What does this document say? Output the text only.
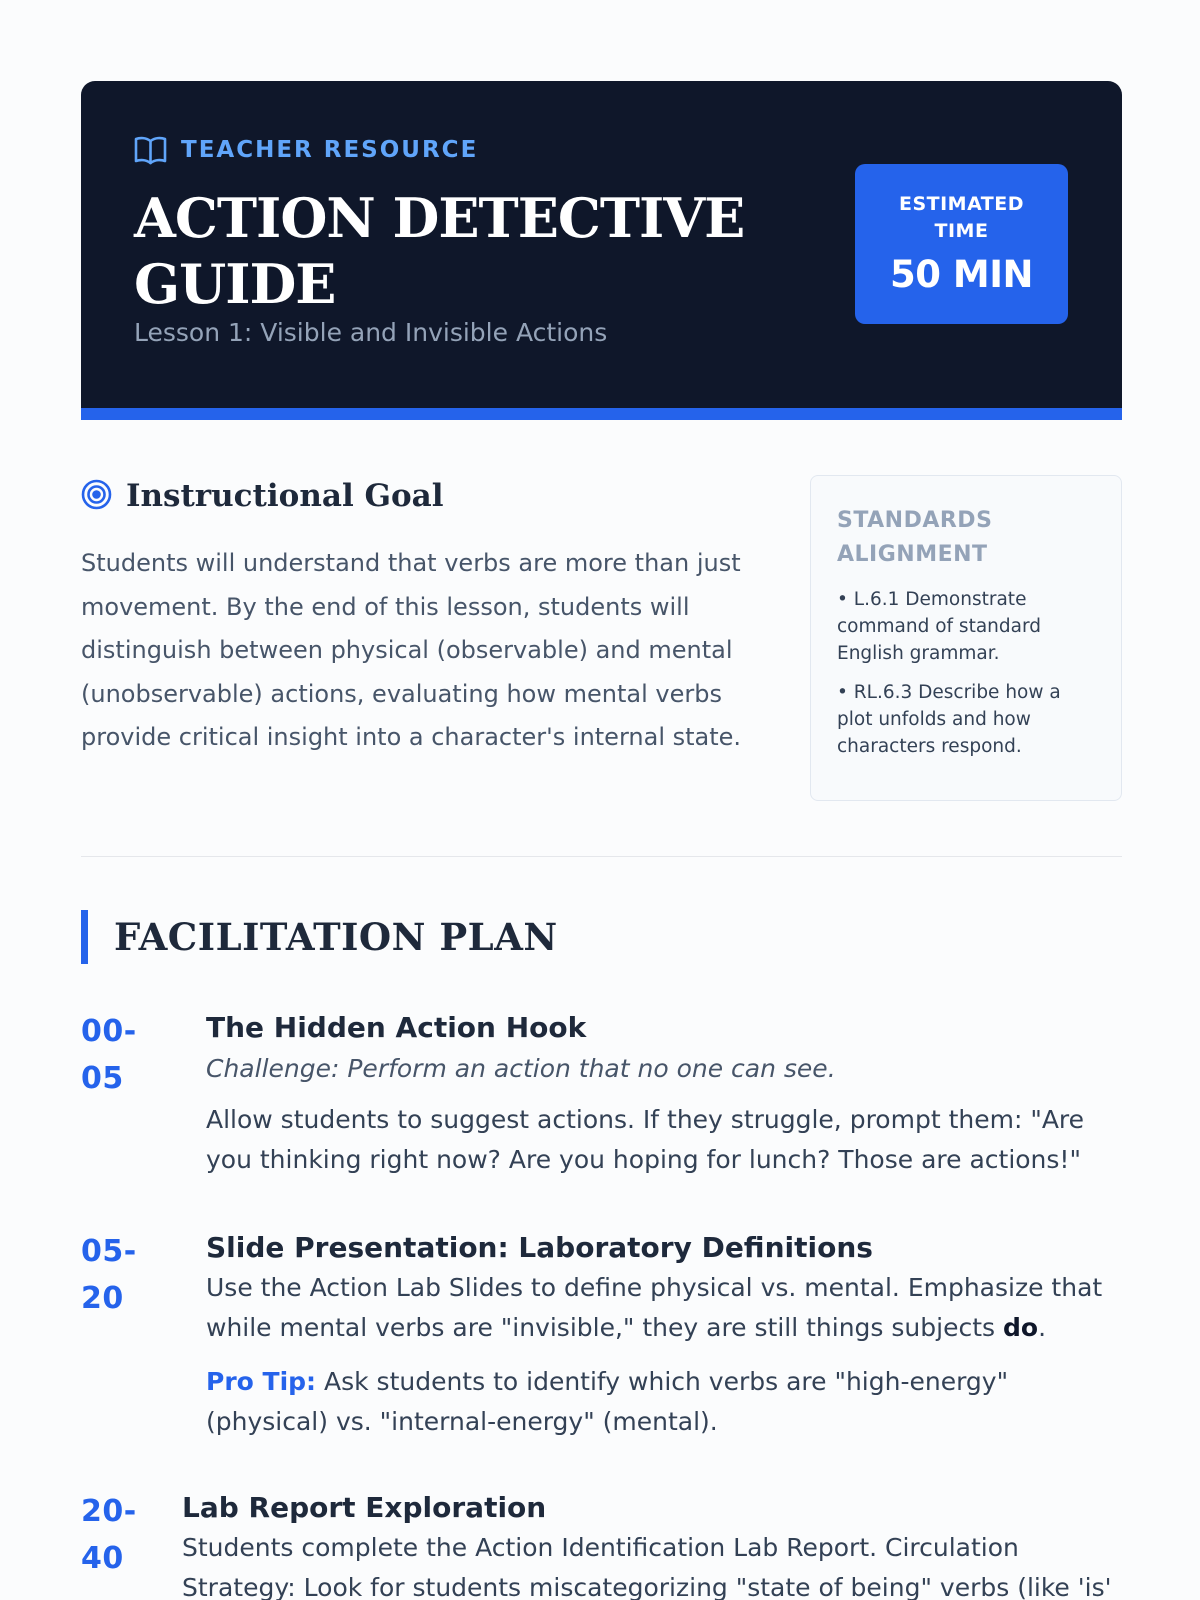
TEACHER RESOURCE
ACTION DETECTIVE GUIDE
Lesson 1: Visible and Invisible Actions
ESTIMATED TIME
50 MIN
Instructional Goal

Students will understand that verbs are more than just movement. By the end of this lesson, students will distinguish between physical (observable) and mental (unobservable) actions, evaluating how mental verbs provide critical insight into a character's internal state.

STANDARDS ALIGNMENT
• L.6.1 Demonstrate command of standard English grammar.
• RL.6.3 Describe how a plot unfolds and how characters respond.
FACILITATION PLAN
00-05
The Hidden Action Hook
Challenge: Perform an action that no one can see.
Allow students to suggest actions. If they struggle, prompt them: "Are you thinking right now? Are you hoping for lunch? Those are actions!"
05-20
Slide Presentation: Laboratory Definitions
Use the Action Lab Slides to define physical vs. mental. Emphasize that while mental verbs are "invisible," they are still things subjects do.
Pro Tip: Ask students to identify which verbs are "high-energy" (physical) vs. "internal-energy" (mental).
20-40
Lab Report Exploration
Students complete the Action Identification Lab Report. Circulation Strategy: Look for students miscategorizing "state of being" verbs (like 'is'
